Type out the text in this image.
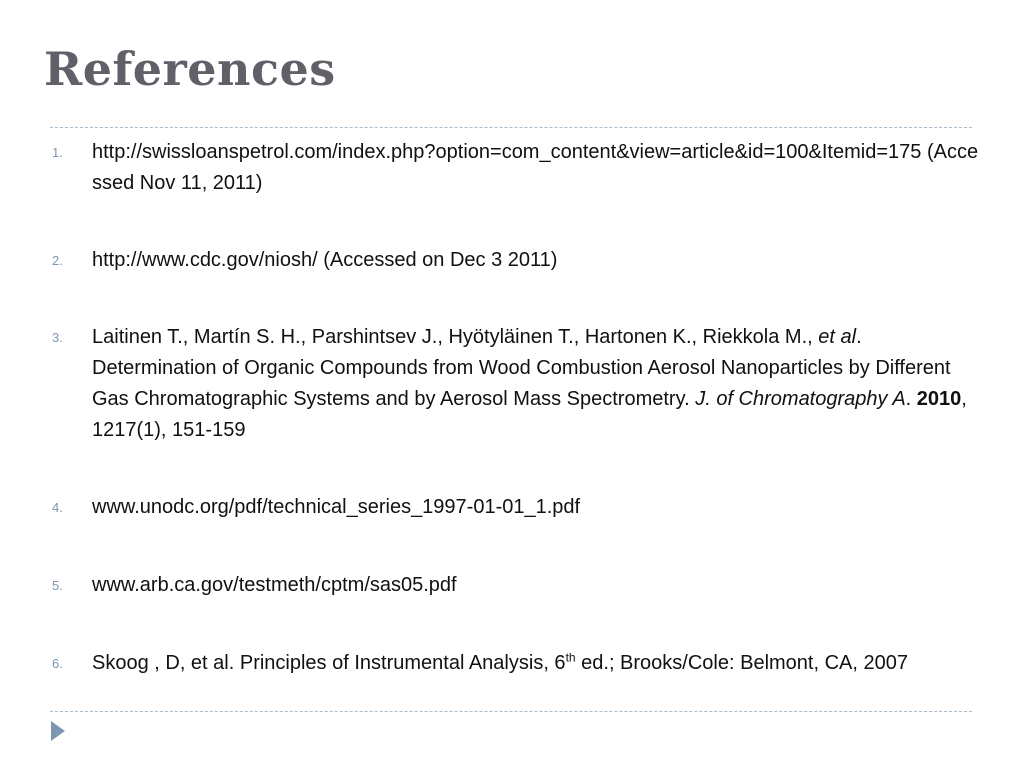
References
1. http://swissloanspetrol.com/index.php?option=com_content&view=article&id=100&Itemid=175 (Accessed Nov 11, 2011)
2. http://www.cdc.gov/niosh/ (Accessed on Dec 3 2011)
3. Laitinen T., Martín S. H., Parshintsev J., Hyötyläinen T., Hartonen K., Riekkola M., et al. Determination of Organic Compounds from Wood Combustion Aerosol Nanoparticles by Different Gas Chromatographic Systems and by Aerosol Mass Spectrometry. J. of Chromatography A. 2010, 1217(1), 151-159
4. www.unodc.org/pdf/technical_series_1997-01-01_1.pdf
5. www.arb.ca.gov/testmeth/cptm/sas05.pdf
6. Skoog , D, et al. Principles of Instrumental Analysis, 6th ed.; Brooks/Cole: Belmont, CA, 2007
